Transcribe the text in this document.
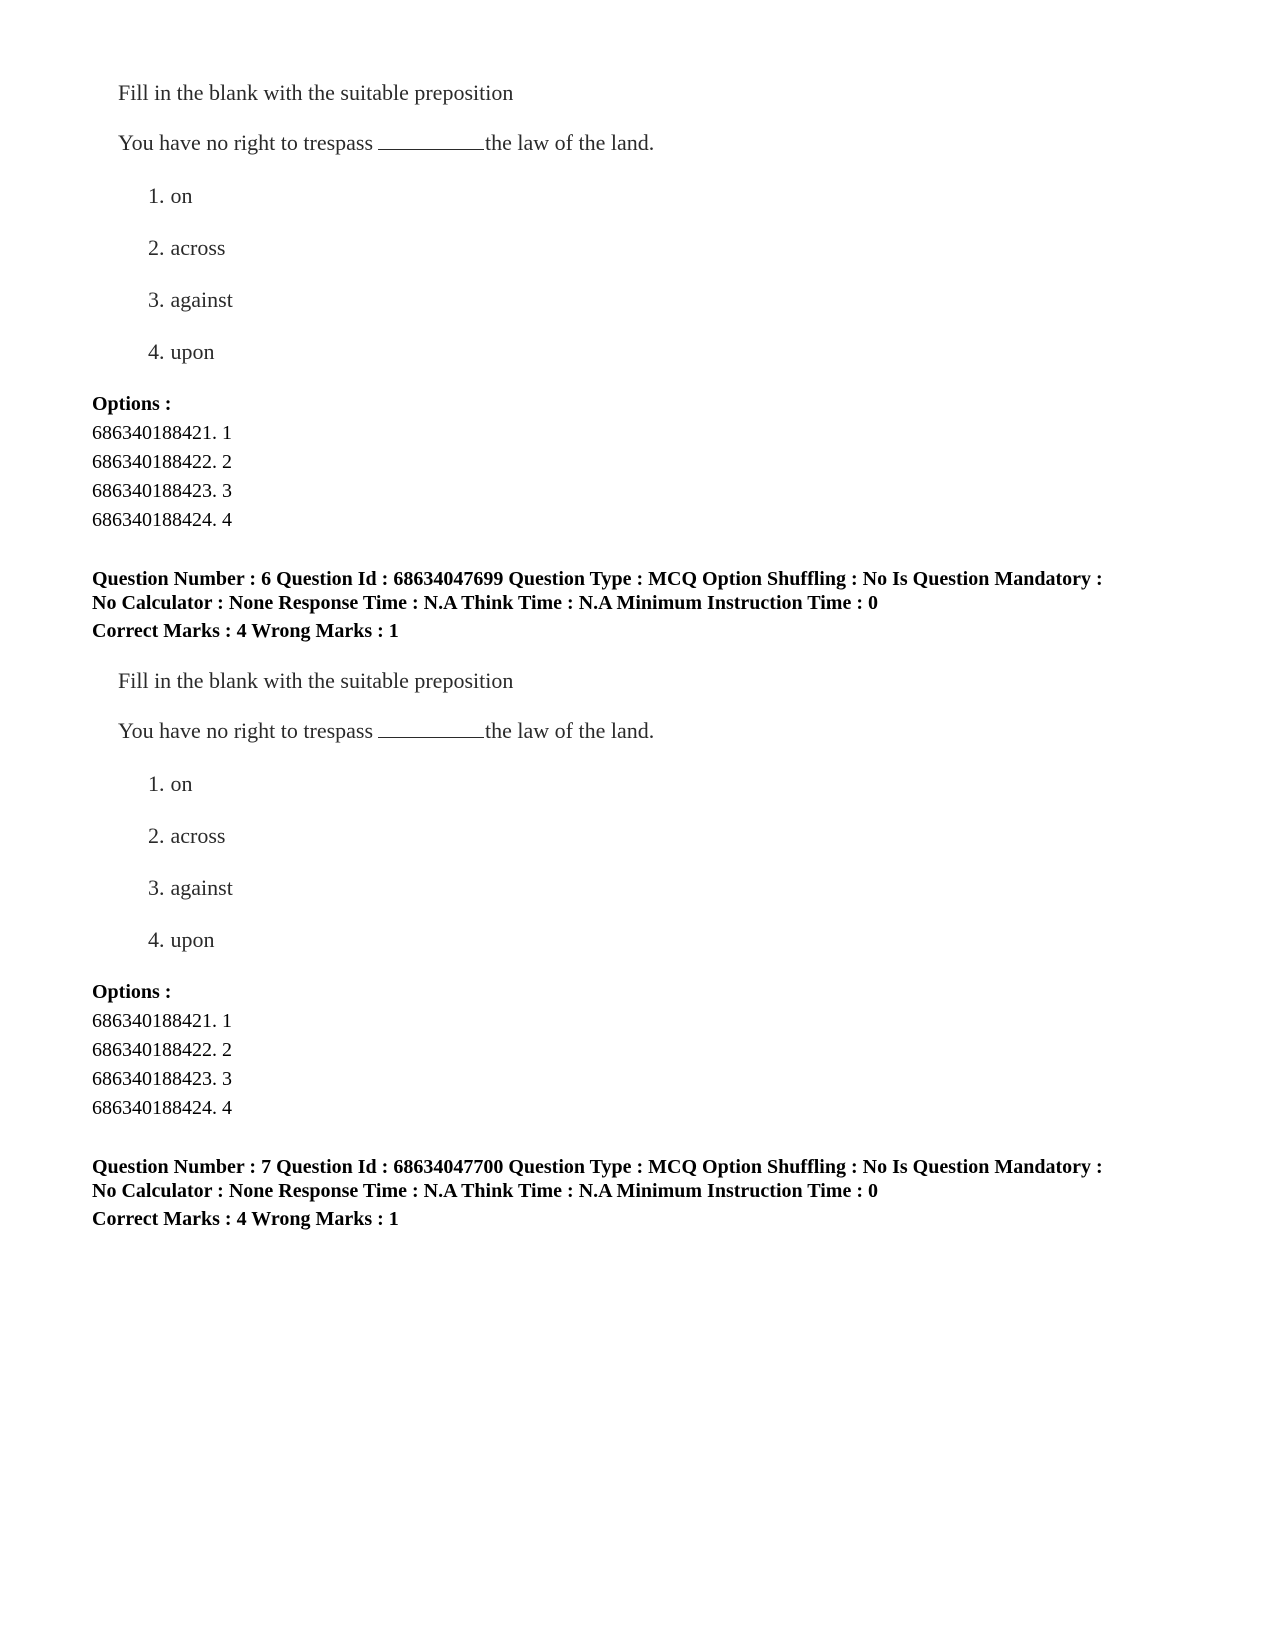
Fill in the blank with the suitable preposition
You have no right to trespass	the law of the land.
1. on
2. across
3. against
4. upon
Options :
686340188421. 1
686340188422. 2
686340188423. 3
686340188424. 4
Question Number : 6 Question Id : 68634047699 Question Type : MCQ Option Shuffling : No Is Question Mandatory :
No Calculator : None Response Time : N.A Think Time : N.A Minimum Instruction Time : 0
Correct Marks : 4 Wrong Marks : 1
Fill in the blank with the suitable preposition
You have no right to trespass	the law of the land.
1. on
2. across
3. against
4. upon
Options :
686340188421. 1
686340188422. 2
686340188423. 3
686340188424. 4
Question Number : 7 Question Id : 68634047700 Question Type : MCQ Option Shuffling : No Is Question Mandatory :
No Calculator : None Response Time : N.A Think Time : N.A Minimum Instruction Time : 0
Correct Marks : 4 Wrong Marks : 1
